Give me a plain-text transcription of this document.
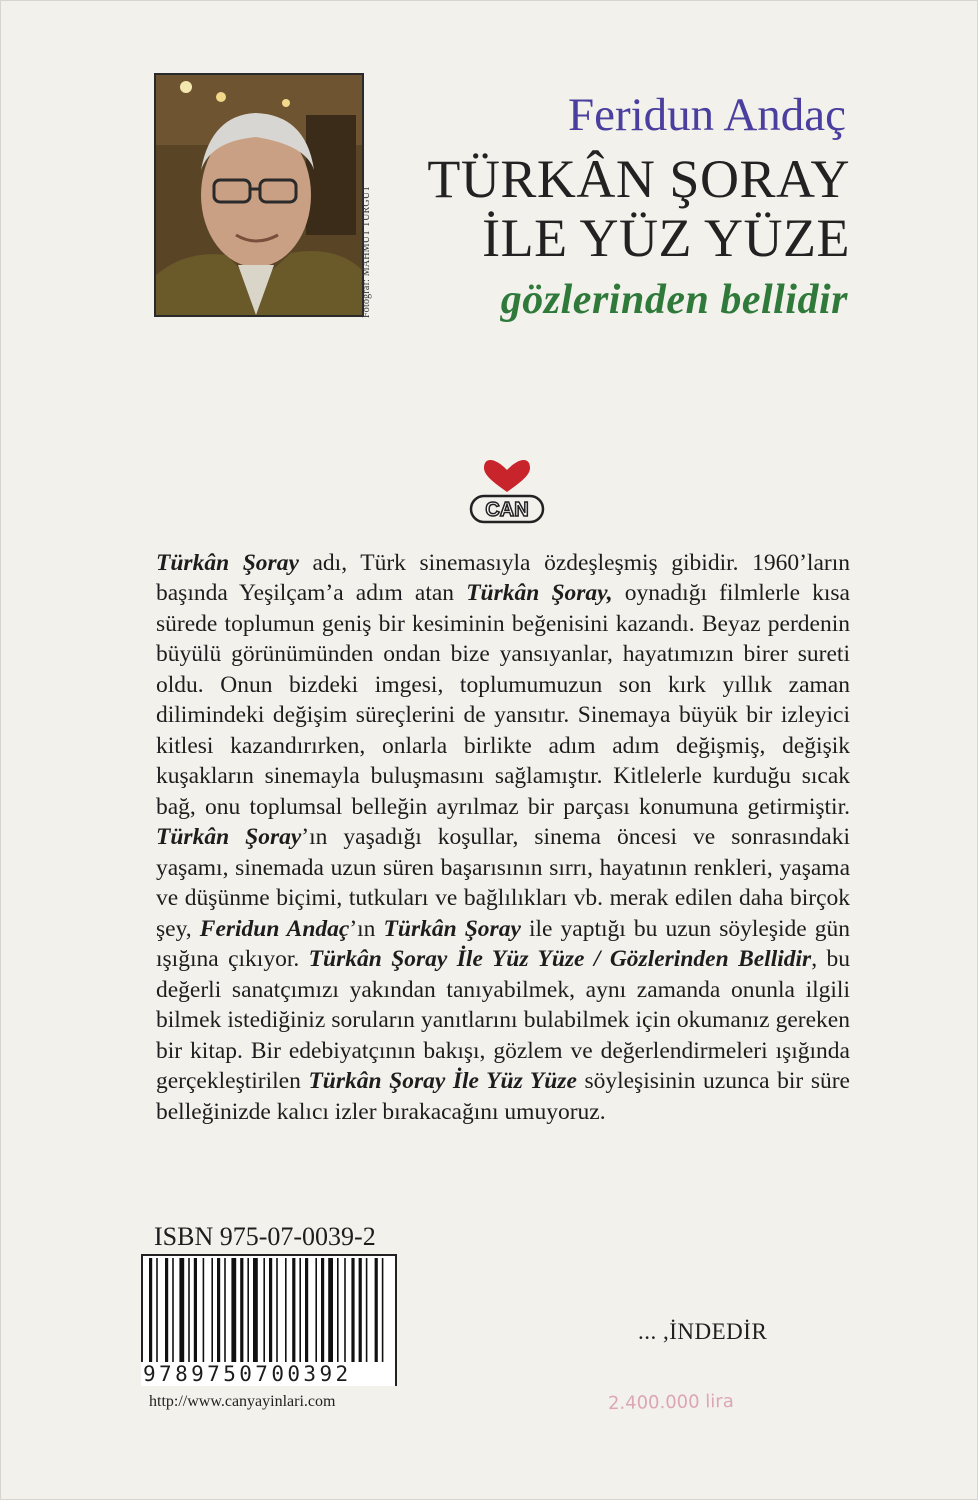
Fotoğraf: MAHMUT TURGUT
Feridun Andaç
TÜRKÂN ŞORAY
İLE YÜZ YÜZE
gözlerinden bellidir
CAN

Türkân Şoray adı, Türk sinemasıyla özdeşleşmiş gibidir. 1960’ların başında Yeşilçam’a adım atan Türkân Şoray, oynadığı filmlerle kısa sürede toplumun geniş bir kesiminin beğenisini kazandı. Beyaz perdenin büyülü görünümünden ondan bize yansıyanlar, hayatımızın birer sureti oldu. Onun bizdeki imgesi, toplumumuzun son kırk yıllık zaman dilimindeki değişim süreçlerini de yansıtır. Sinemaya büyük bir izleyici kitlesi kazandırırken, onlarla birlikte adım adım değişmiş, değişik kuşakların sinemayla buluşmasını sağlamıştır. Kitlelerle kurduğu sıcak bağ, onu toplumsal belleğin ayrılmaz bir parçası konumuna getirmiştir. Türkân Şoray’ın yaşadığı koşullar, sinema öncesi ve sonrasındaki yaşamı, sinemada uzun süren başarısının sırrı, hayatının renkleri, yaşama ve düşünme biçimi, tutkuları ve bağlılıkları vb. merak edilen daha birçok şey, Feridun Andaç’ın Türkân Şoray ile yaptığı bu uzun söyleşide gün ışığına çıkıyor. Türkân Şoray İle Yüz Yüze / Gözlerinden Bellidir, bu değerli sanatçımızı yakından tanıyabilmek, aynı zamanda onunla ilgili bilmek istediğiniz soruların yanıtlarını bulabilmek için okumanız gereken bir kitap. Bir edebiyatçının bakışı, gözlem ve değerlendirmeleri ışığında gerçekleştirilen Türkân Şoray İle Yüz Yüze söyleşisinin uzunca bir süre belleğinizde kalıcı izler bırakacağını umuyoruz.

ISBN 975-07-0039-2
9789750700392
http://www.canyayinlari.com
... ,İNDEDİR
2.400.000 lira
